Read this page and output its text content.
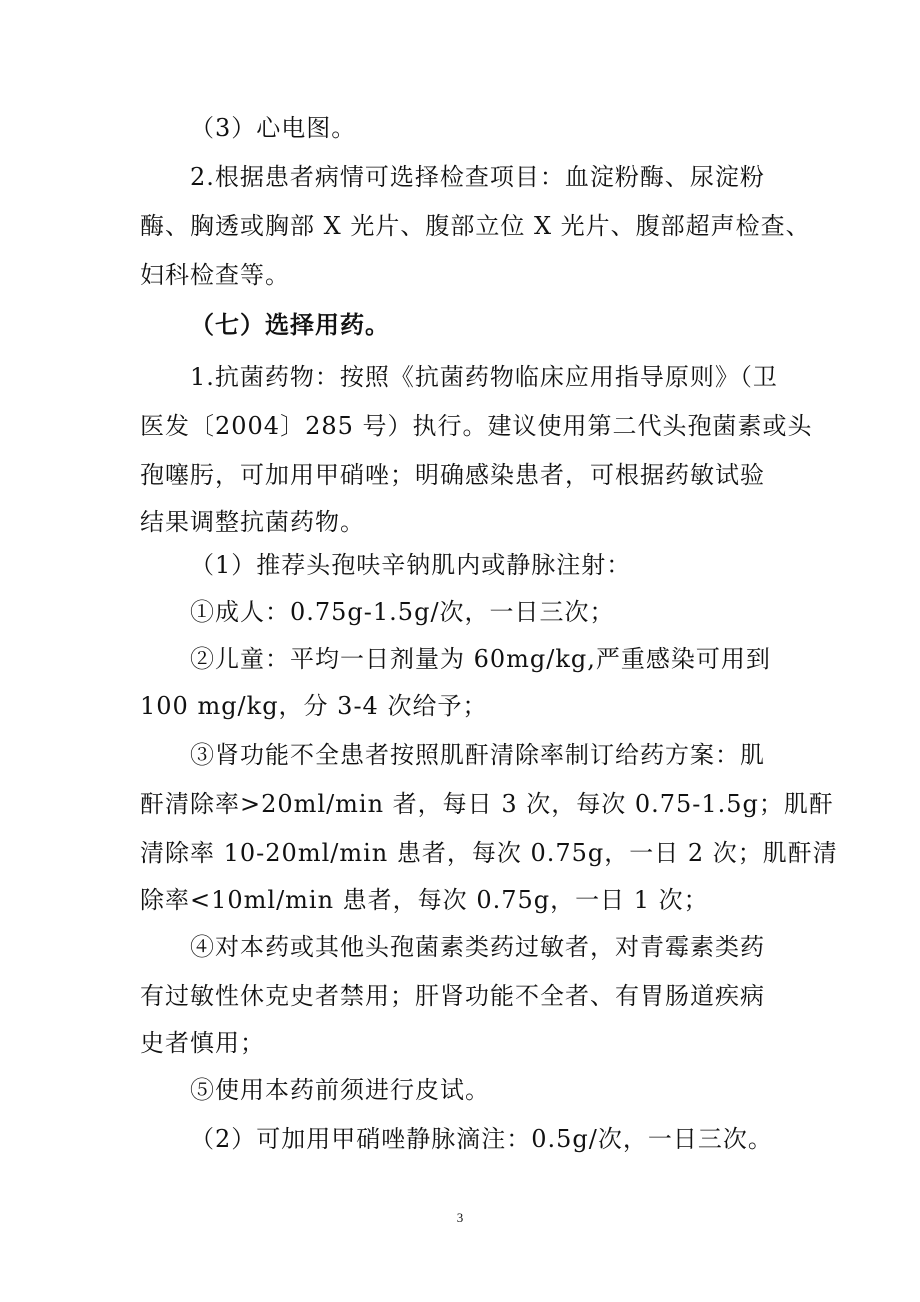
（3）心电图。
2.根据患者病情可选择检查项目：血淀粉酶、尿淀粉
酶、胸透或胸部 X 光片、腹部立位 X 光片、腹部超声检查、
妇科检查等。
（七）选择用药。
1.抗菌药物：按照《抗菌药物临床应用指导原则》（卫
医发〔2004〕285 号）执行。建议使用第二代头孢菌素或头
孢噻肟，可加用甲硝唑；明确感染患者，可根据药敏试验
结果调整抗菌药物。
（1）推荐头孢呋辛钠肌内或静脉注射：
①成人：0.75g-1.5g/次，一日三次；
②儿童：平均一日剂量为 60mg/kg,严重感染可用到
100 mg/kg，分 3-4 次给予；
③肾功能不全患者按照肌酐清除率制订给药方案：肌
酐清除率>20ml/min 者，每日 3 次，每次 0.75-1.5g；肌酐
清除率 10-20ml/min 患者，每次 0.75g，一日 2 次；肌酐清
除率<10ml/min 患者，每次 0.75g，一日 1 次；
④对本药或其他头孢菌素类药过敏者，对青霉素类药
有过敏性休克史者禁用；肝肾功能不全者、有胃肠道疾病
史者慎用；
⑤使用本药前须进行皮试。
（2）可加用甲硝唑静脉滴注：0.5g/次，一日三次。
3
